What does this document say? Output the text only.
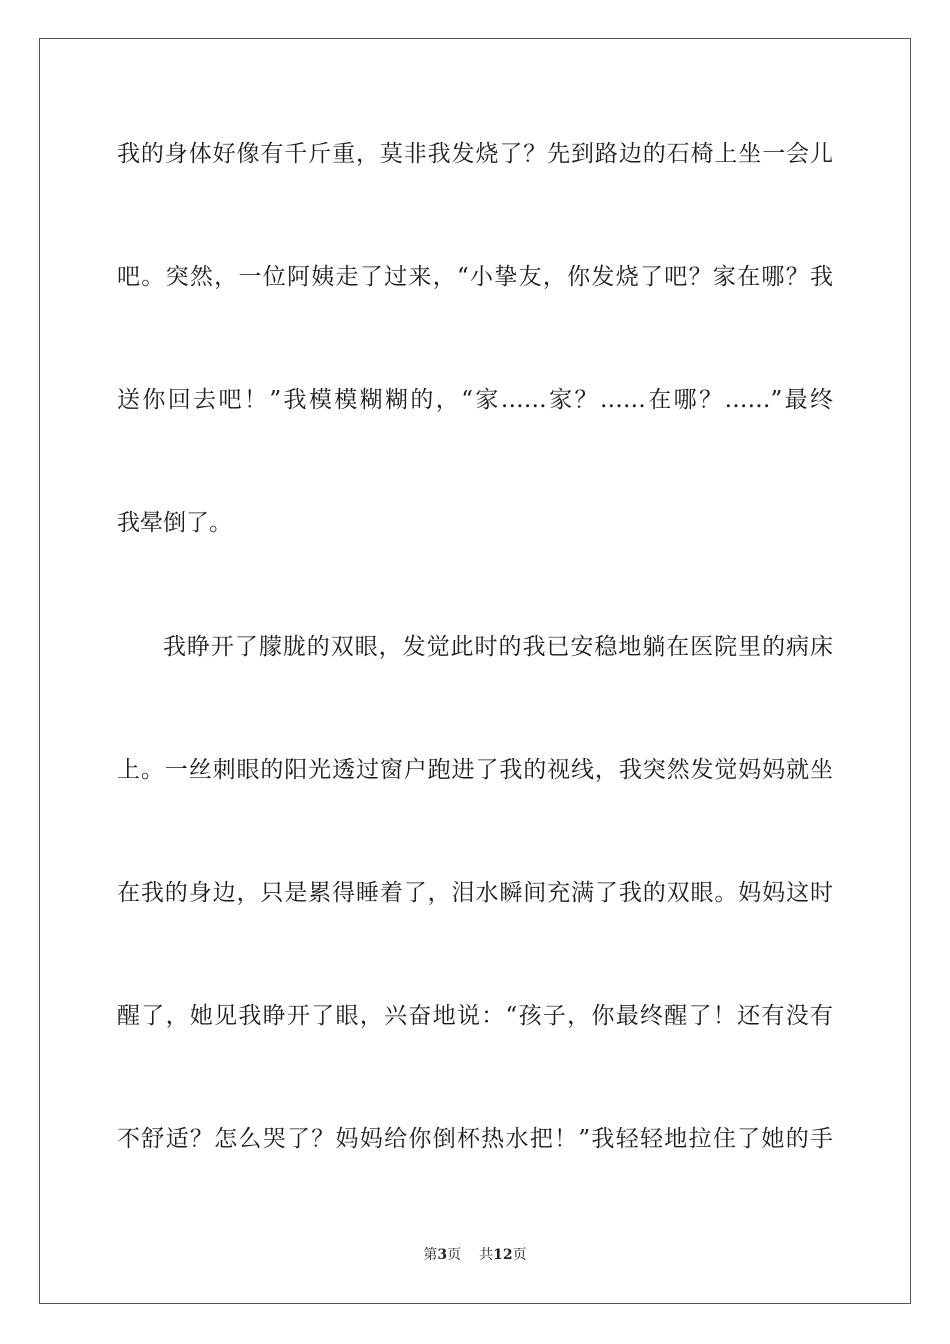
我的身体好像有千斤重，莫非我发烧了？先到路边的石椅上坐一会儿
吧。突然，一位阿姨走了过来，“小挚友，你发烧了吧？家在哪？我
送你回去吧！”我模模糊糊的，“家……家？……在哪？……”最终
我晕倒了。
我睁开了朦胧的双眼，发觉此时的我已安稳地躺在医院里的病床
上。一丝刺眼的阳光透过窗户跑进了我的视线，我突然发觉妈妈就坐
在我的身边，只是累得睡着了，泪水瞬间充满了我的双眼。妈妈这时
醒了，她见我睁开了眼，兴奋地说：“孩子，你最终醒了！还有没有
不舒适？怎么哭了？妈妈给你倒杯热水把！”我轻轻地拉住了她的手
第3页 共12页
